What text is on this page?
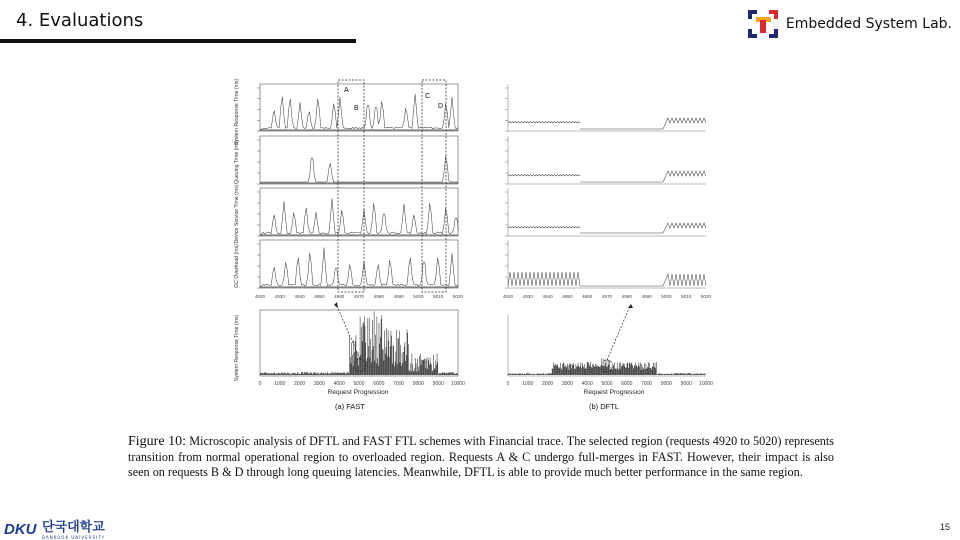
4. Evaluations	Embedded System Lab.
4920 4930 4940 4950 4960 4970 4980 4990 5000 5010 5020
0	1000 2000 3000 4000 5000 6000 7000 8000 9000 10000
4920 4930 4940 4950 4960 4970 4980 4990 5000 5010 5020
0	1000 2000 3000 4000 5000 6000 7000 8000 9000 10000
System Response Time (ms)
Queuing Time (ms)
Device Service Time (ms)
GC Overhead (ms)
System Response Time (ms)
A
B
C
D
Request Progression
(a) FAST
Request Progression
(b) DFTL
Figure 10: Microscopic analysis of DFTL and FAST FTL schemes with Financial trace. The selected region (requests 4920 to 5020) represents transition from normal operational region to overloaded region. Requests A & C undergo full-merges in FAST. However, their impact is also seen on requests B & D through long queuing latencies. Meanwhile, DFTL is able to provide much better performance in the same region.
DKU 단국대학교
DANKOOK UNIVERSITY
15
